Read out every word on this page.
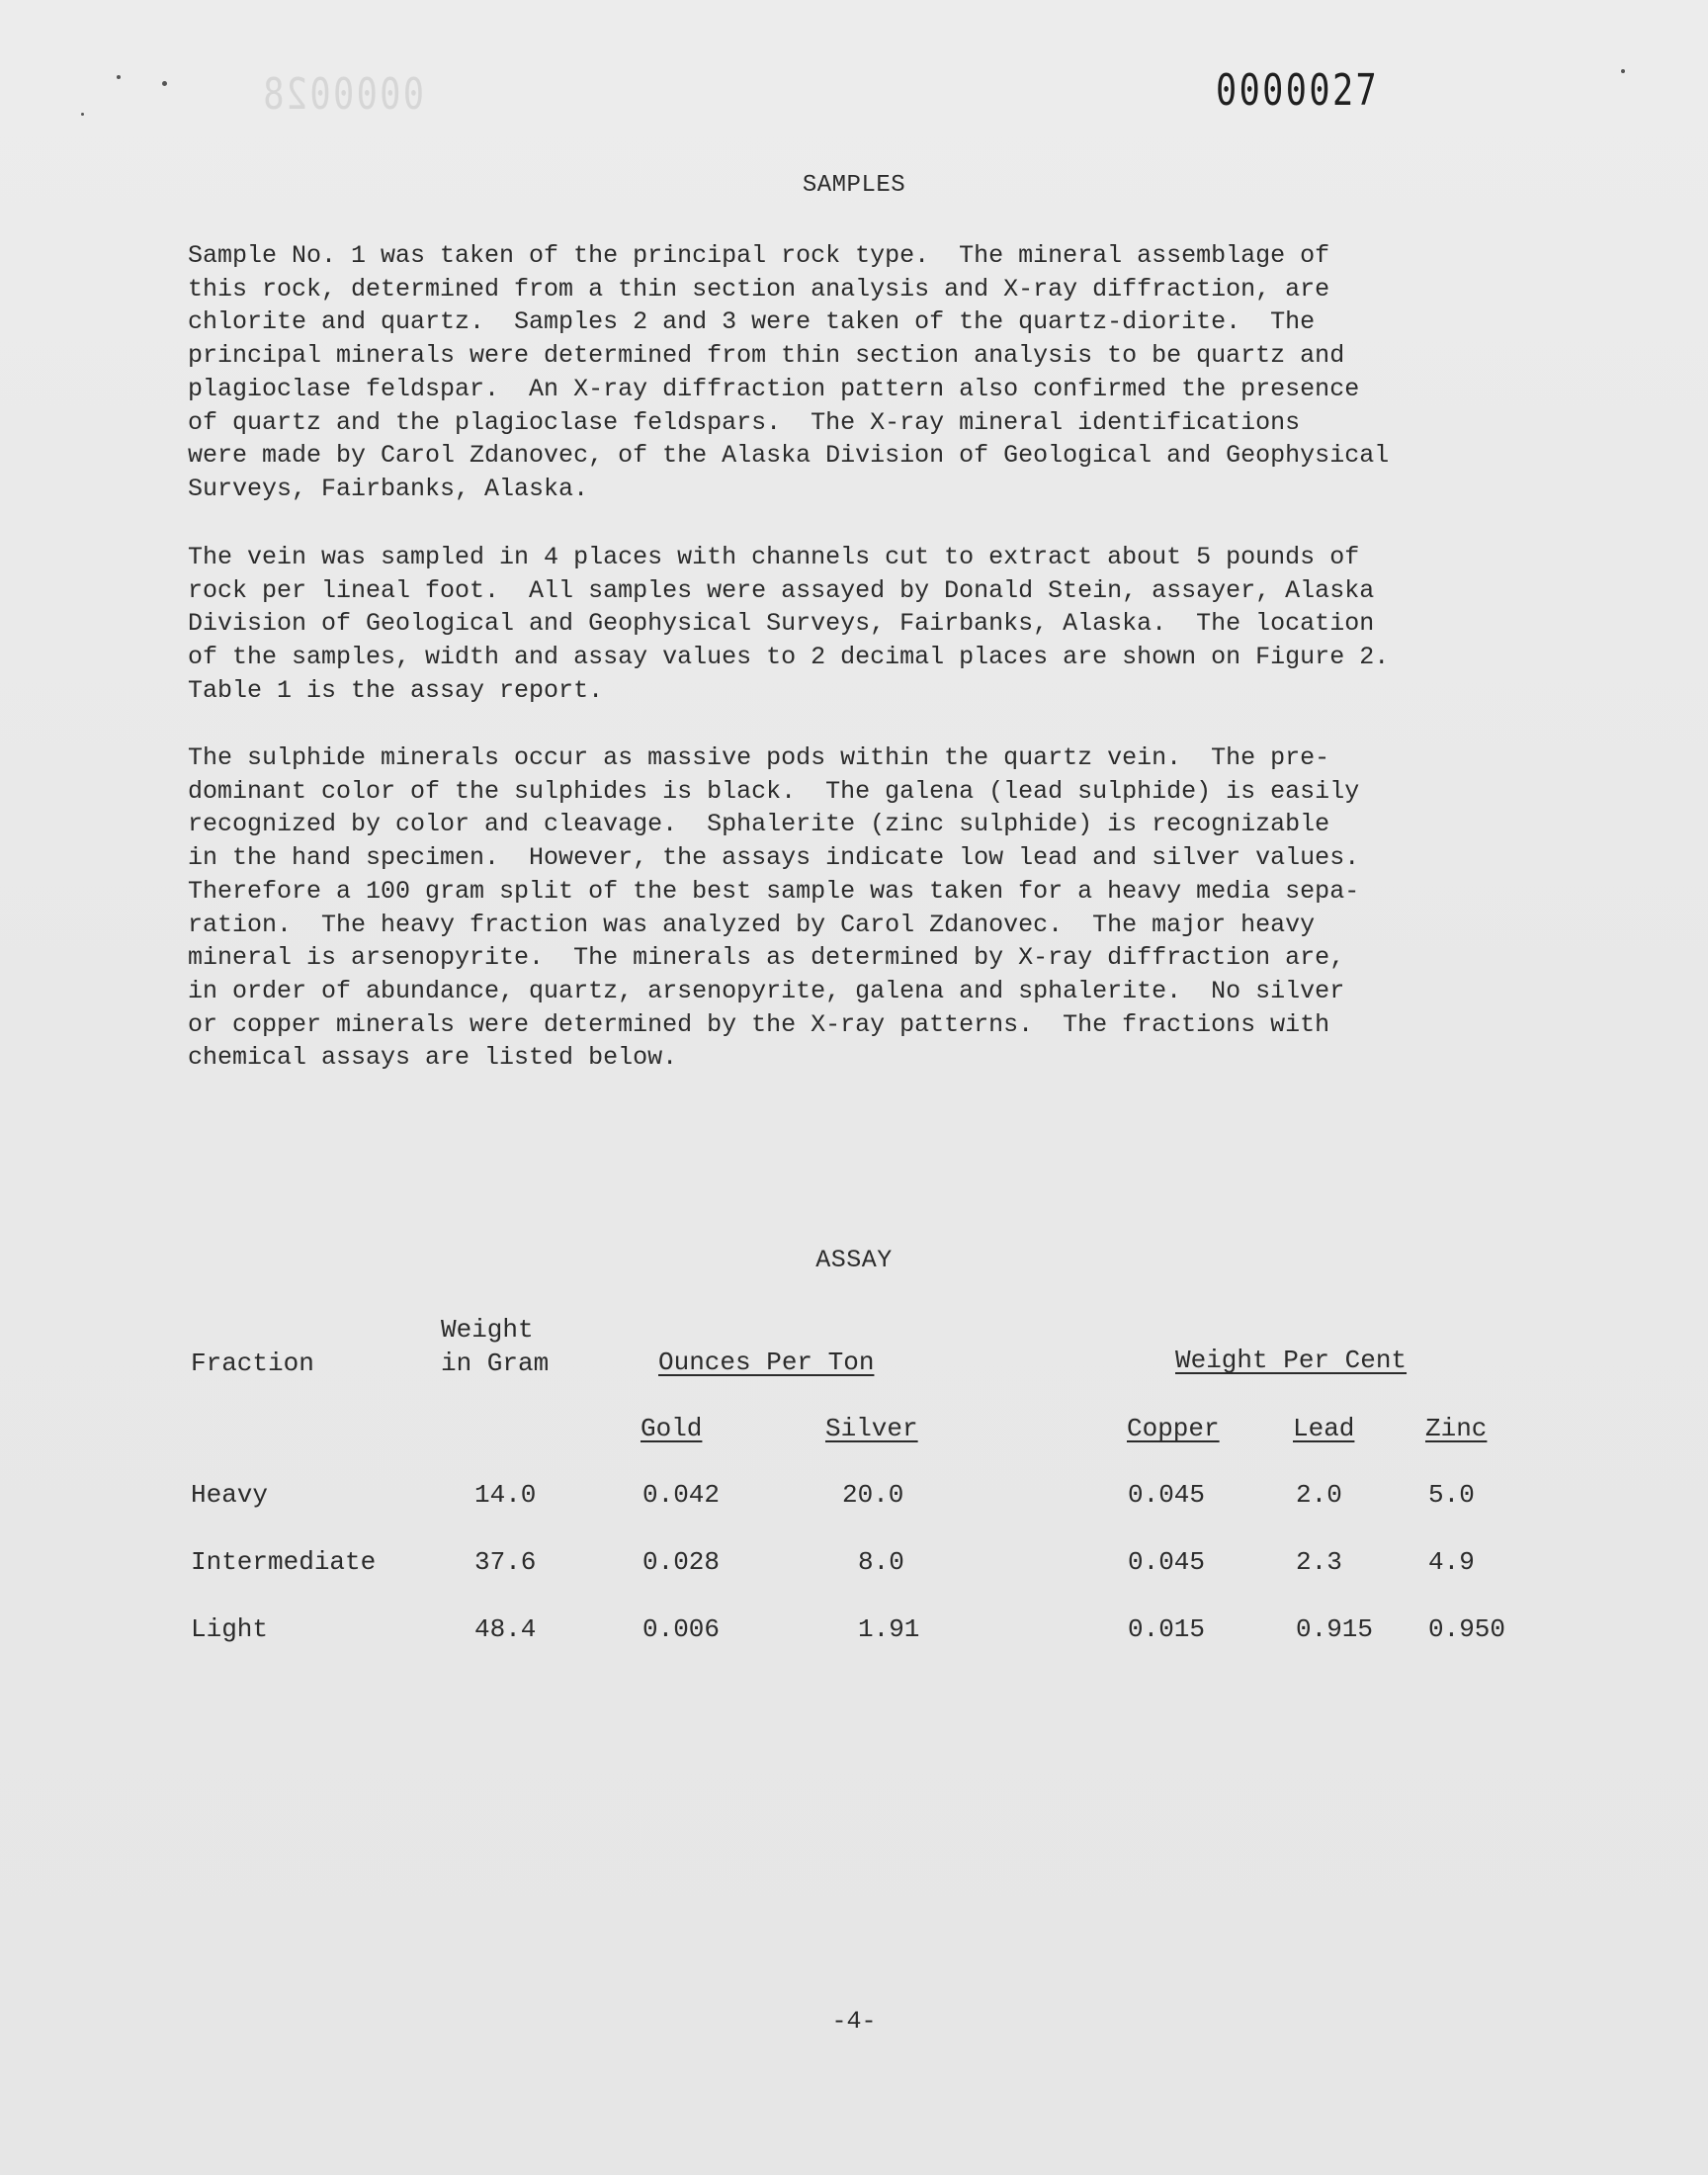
0000028	0000027
SAMPLES
Sample No. 1 was taken of the principal rock type.  The mineral assemblage of
this rock, determined from a thin section analysis and X-ray diffraction, are
chlorite and quartz.  Samples 2 and 3 were taken of the quartz-diorite.  The
principal minerals were determined from thin section analysis to be quartz and
plagioclase feldspar.  An X-ray diffraction pattern also confirmed the presence
of quartz and the plagioclase feldspars.  The X-ray mineral identifications
were made by Carol Zdanovec, of the Alaska Division of Geological and Geophysical
Surveys, Fairbanks, Alaska.
The vein was sampled in 4 places with channels cut to extract about 5 pounds of
rock per lineal foot.  All samples were assayed by Donald Stein, assayer, Alaska
Division of Geological and Geophysical Surveys, Fairbanks, Alaska.  The location
of the samples, width and assay values to 2 decimal places are shown on Figure 2.
Table 1 is the assay report.
The sulphide minerals occur as massive pods within the quartz vein.  The pre-
dominant color of the sulphides is black.  The galena (lead sulphide) is easily
recognized by color and cleavage.  Sphalerite (zinc sulphide) is recognizable
in the hand specimen.  However, the assays indicate low lead and silver values.
Therefore a 100 gram split of the best sample was taken for a heavy media sepa-
ration.  The heavy fraction was analyzed by Carol Zdanovec.  The major heavy
mineral is arsenopyrite.  The minerals as determined by X-ray diffraction are,
in order of abundance, quartz, arsenopyrite, galena and sphalerite.  No silver
or copper minerals were determined by the X-ray patterns.  The fractions with
chemical assays are listed below.
ASSAY
Fraction
Weight
in Gram	Ounces Per Ton	Weight Per Cent
Gold	Silver	Copper	Lead	Zinc
Heavy	14.0	0.042	20.0	0.045	2.0	5.0
Intermediate	37.6	0.028	8.0	0.045	2.3	4.9
Light	48.4	0.006	1.91	0.015	0.915 0.950
-4-
